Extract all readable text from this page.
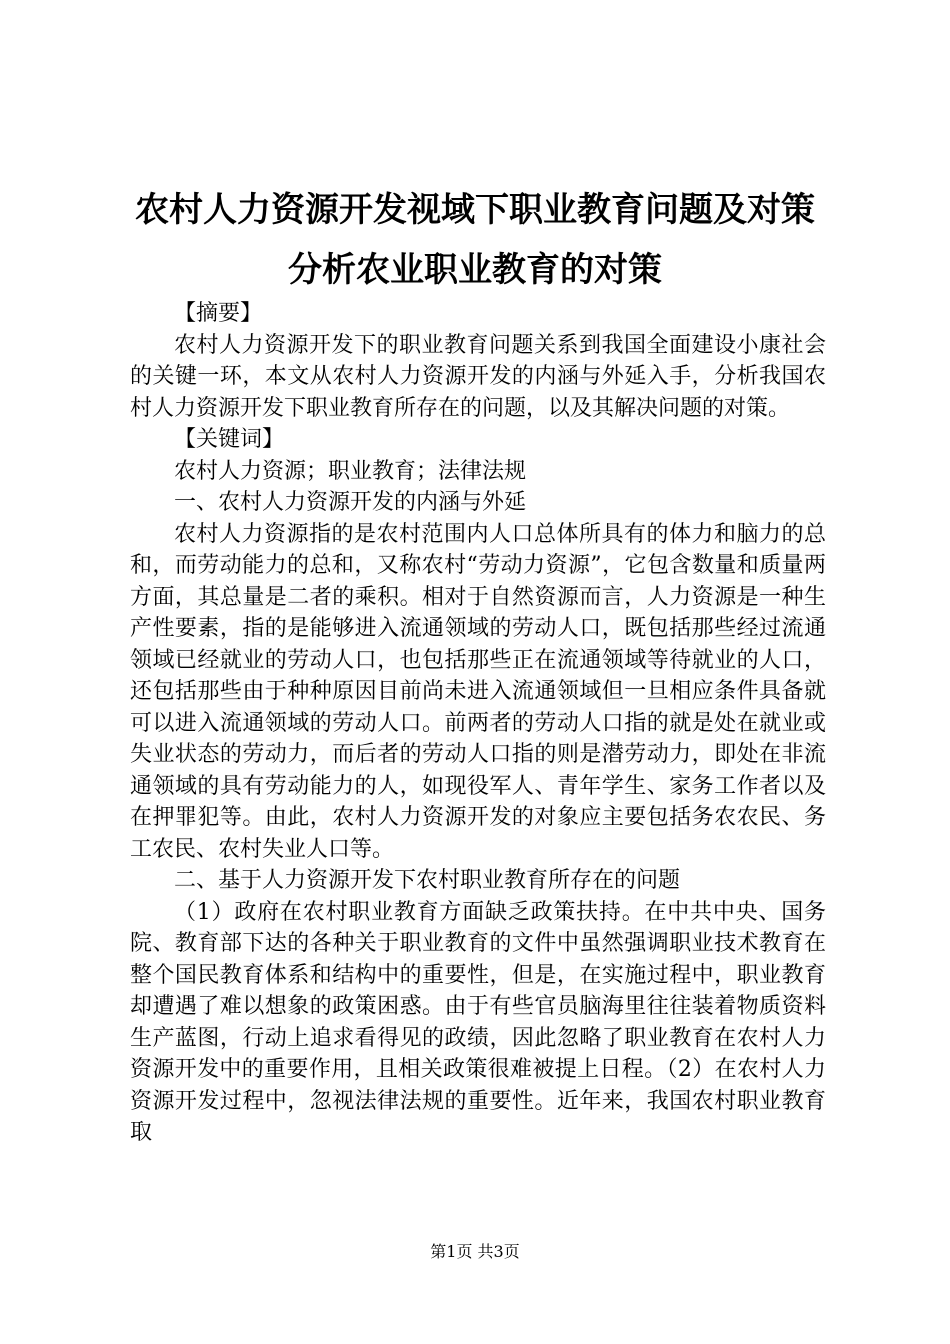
农村人力资源开发视域下职业教育问题及对策
分析农业职业教育的对策

【摘要】

农村人力资源开发下的职业教育问题关系到我国全面建设小康社会的关键一环，本文从农村人力资源开发的内涵与外延入手，分析我国农村人力资源开发下职业教育所存在的问题，以及其解决问题的对策。

【关键词】

农村人力资源；职业教育；法律法规

一、农村人力资源开发的内涵与外延

农村人力资源指的是农村范围内人口总体所具有的体力和脑力的总和，而劳动能力的总和，又称农村“劳动力资源”，它包含数量和质量两方面，其总量是二者的乘积。相对于自然资源而言，人力资源是一种生产性要素，指的是能够进入流通领域的劳动人口，既包括那些经过流通领域已经就业的劳动人口，也包括那些正在流通领域等待就业的人口，还包括那些由于种种原因目前尚未进入流通领域但一旦相应条件具备就可以进入流通领域的劳动人口。前两者的劳动人口指的就是处在就业或失业状态的劳动力，而后者的劳动人口指的则是潜劳动力，即处在非流通领域的具有劳动能力的人，如现役军人、青年学生、家务工作者以及在押罪犯等。由此，农村人力资源开发的对象应主要包括务农农民、务工农民、农村失业人口等。

二、基于人力资源开发下农村职业教育所存在的问题

（1）政府在农村职业教育方面缺乏政策扶持。在中共中央、国务院、教育部下达的各种关于职业教育的文件中虽然强调职业技术教育在整个国民教育体系和结构中的重要性，但是，在实施过程中，职业教育却遭遇了难以想象的政策困惑。由于有些官员脑海里往往装着物质资料生产蓝图，行动上追求看得见的政绩，因此忽略了职业教育在农村人力资源开发中的重要作用，且相关政策很难被提上日程。（2）在农村人力资源开发过程中，忽视法律法规的重要性。近年来，我国农村职业教育取

第1页 共3页
